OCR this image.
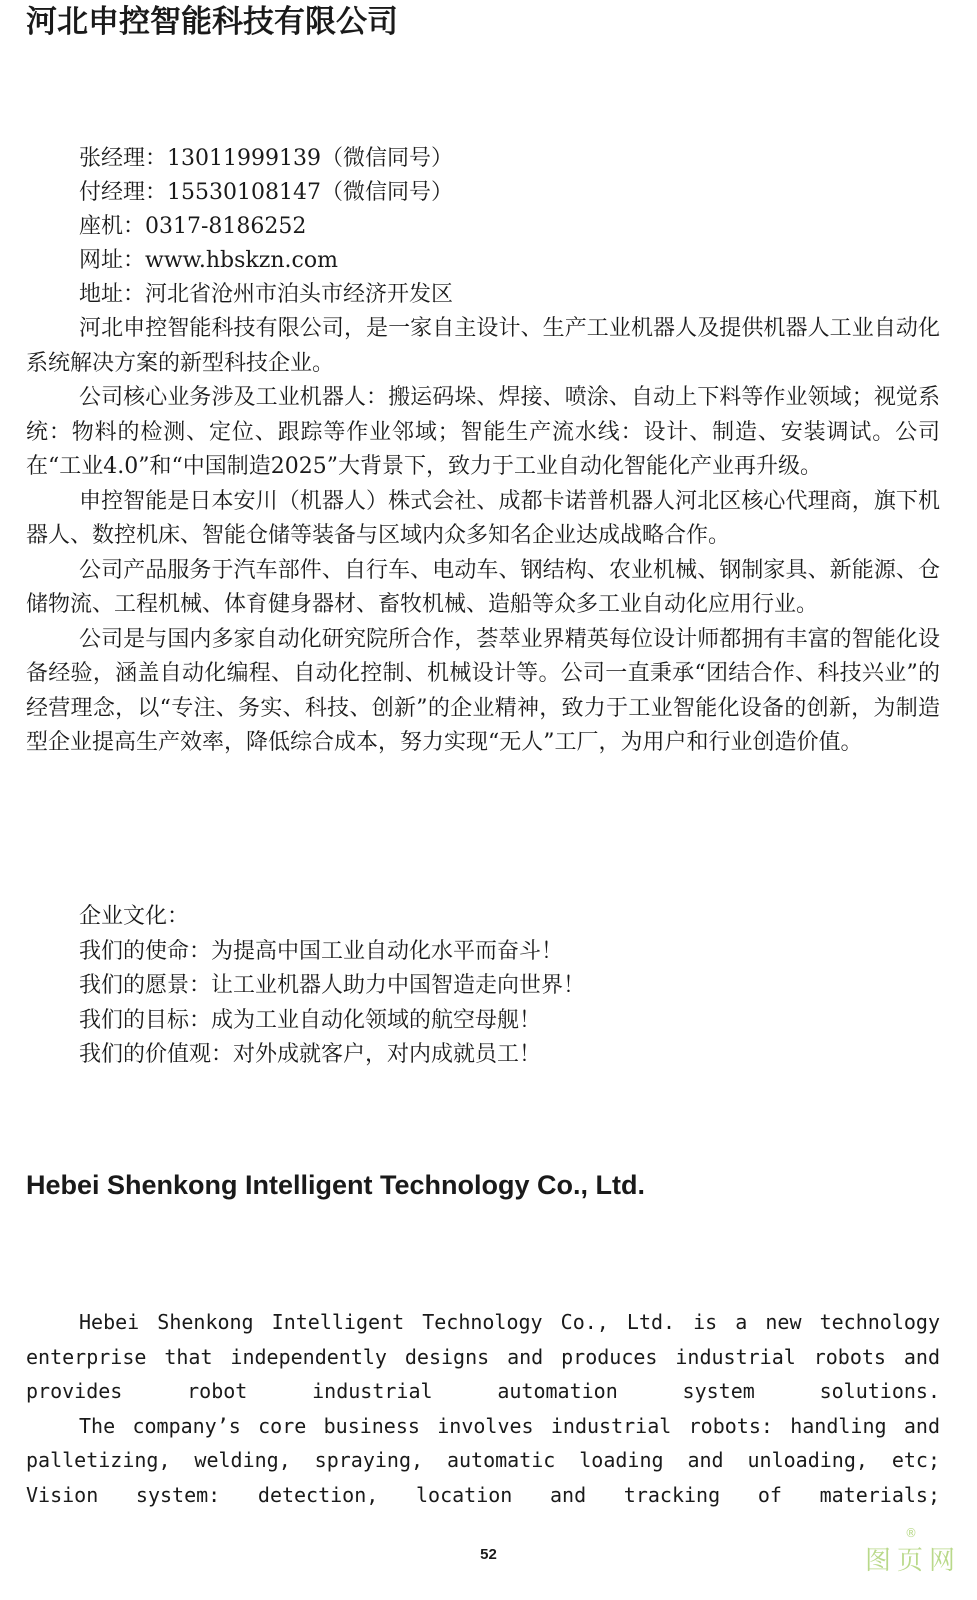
河北申控智能科技有限公司
张经理：13011999139（微信同号）
付经理：15530108147（微信同号）
座机：0317-8186252
网址：www.hbskzn.com
地址：河北省沧州市泊头市经济开发区

河北申控智能科技有限公司，是一家自主设计、生产工业机器人及提供机器人工业自动化系统解决方案的新型科技企业。

公司核心业务涉及工业机器人：搬运码垛、焊接、喷涂、自动上下料等作业领域；视觉系统：物料的检测、定位、跟踪等作业邻域；智能生产流水线：设计、制造、安装调试。公司在“工业4.0”和“中国制造2025”大背景下，致力于工业自动化智能化产业再升级。

申控智能是日本安川（机器人）株式会社、成都卡诺普机器人河北区核心代理商，旗下机器人、数控机床、智能仓储等装备与区域内众多知名企业达成战略合作。

公司产品服务于汽车部件、自行车、电动车、钢结构、农业机械、钢制家具、新能源、仓储物流、工程机械、体育健身器材、畜牧机械、造船等众多工业自动化应用行业。

公司是与国内多家自动化研究院所合作，荟萃业界精英每位设计师都拥有丰富的智能化设备经验，涵盖自动化编程、自动化控制、机械设计等。公司一直秉承“团结合作、科技兴业”的经营理念，以“专注、务实、科技、创新”的企业精神，致力于工业智能化设备的创新，为制造型企业提高生产效率，降低综合成本，努力实现“无人”工厂，为用户和行业创造价值。

企业文化：
我们的使命：为提高中国工业自动化水平而奋斗！
我们的愿景：让工业机器人助力中国智造走向世界！
我们的目标：成为工业自动化领域的航空母舰！
我们的价值观：对外成就客户，对内成就员工！
Hebei Shenkong Intelligent Technology Co., Ltd.

Hebei Shenkong Intelligent Technology Co., Ltd. is a new technology enterprise that independently designs and produces industrial robots and provides robot industrial automation system solutions.

The company’s core business involves industrial robots: handling and palletizing, welding, spraying, automatic loading and unloading, etc; Vision system: detection, location and tracking of materials;

52	图页网
®
